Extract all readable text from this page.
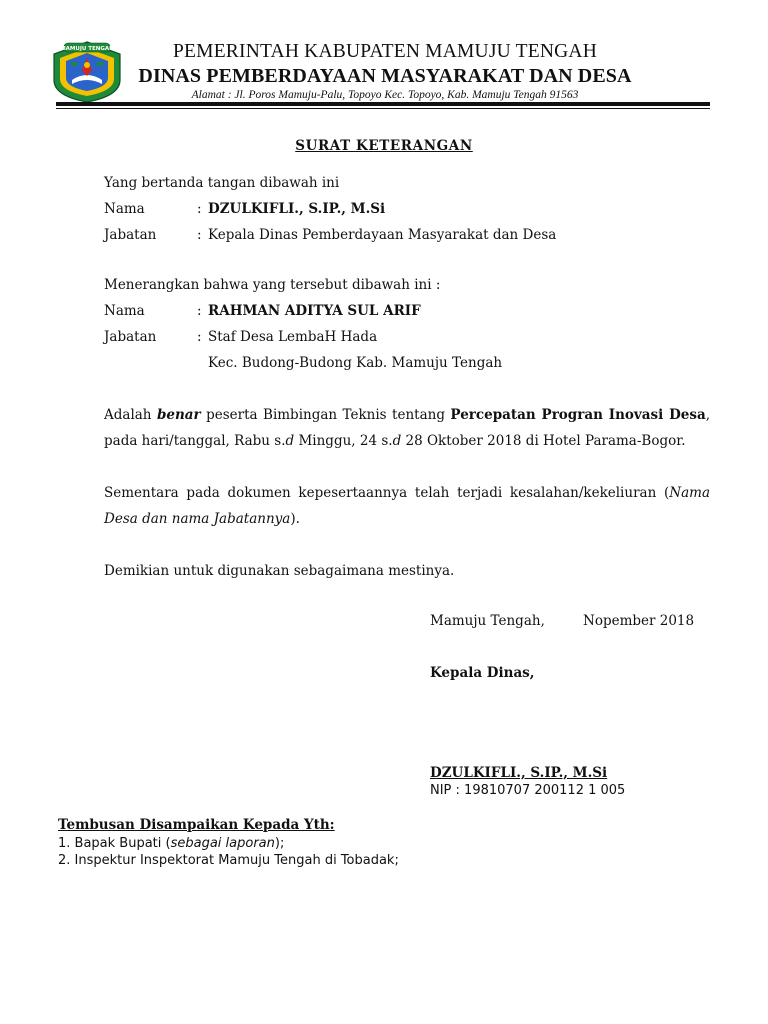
MAMUJU TENGAH	PEMERINTAH KABUPATEN MAMUJU TENGAH
DINAS PEMBERDAYAAN MASYARAKAT DAN DESA
Alamat : Jl. Poros Mamuju-Palu, Topoyo Kec. Topoyo, Kab. Mamuju Tengah 91563
SURAT KETERANGAN
Yang bertanda tangan dibawah ini
Nama	: DZULKIFLI., S.IP., M.Si
Jabatan	: Kepala Dinas Pemberdayaan Masyarakat dan Desa
Menerangkan bahwa yang tersebut dibawah ini :
Nama	: RAHMAN ADITYA SUL ARIF
Jabatan	: Staf Desa LembaH Hada
Kec. Budong-Budong Kab. Mamuju Tengah
Adalah benar peserta Bimbingan Teknis tentang Percepatan Progran Inovasi Desa, pada hari/tanggal, Rabu s.d Minggu, 24 s.d 28 Oktober 2018 di Hotel Parama-Bogor.
Sementara pada dokumen kepesertaannya telah terjadi kesalahan/kekeliuran (Nama Desa dan nama Jabatannya).
Demikian untuk digunakan sebagaimana mestinya.
Mamuju Tengah,	Nopember 2018
Kepala Dinas,
DZULKIFLI., S.IP., M.Si
NIP : 19810707 200112 1 005
Tembusan Disampaikan Kepada Yth:
1. Bapak Bupati (sebagai laporan);
2. Inspektur Inspektorat Mamuju Tengah di Tobadak;
